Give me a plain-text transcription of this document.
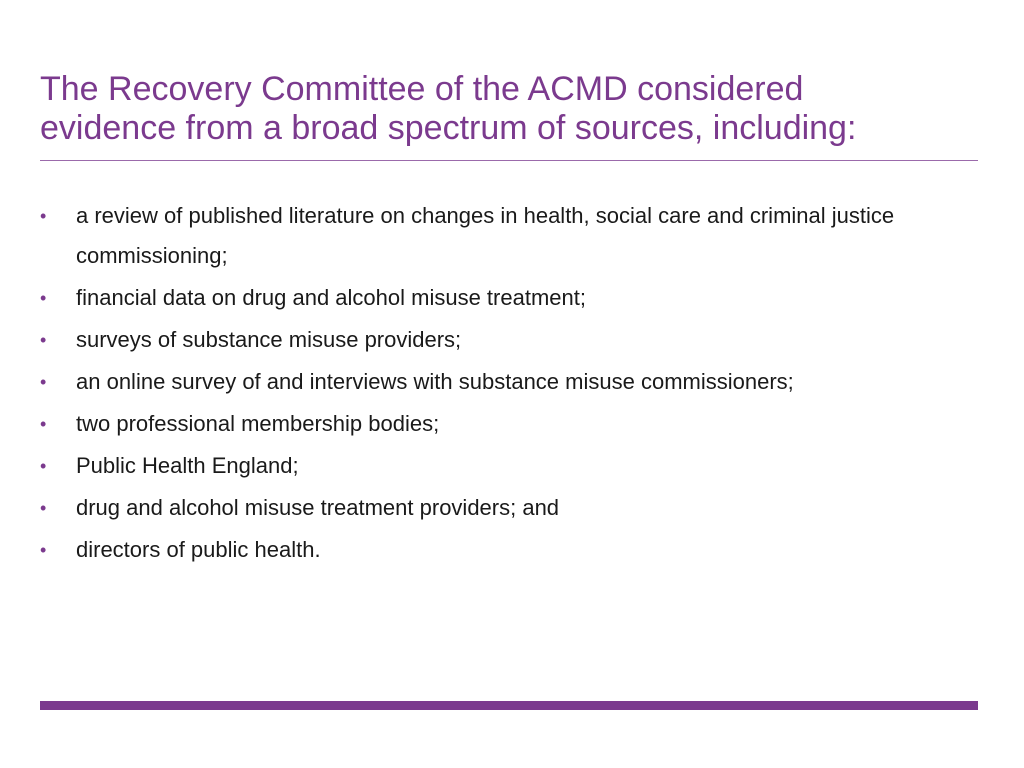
The Recovery Committee of the ACMD considered
evidence from a broad spectrum of sources, including:
• a review of published literature on changes in health, social care and criminal justice commissioning;
• financial data on drug and alcohol misuse treatment;
• surveys of substance misuse providers;
• an online survey of and interviews with substance misuse commissioners;
• two professional membership bodies;
• Public Health England;
• drug and alcohol misuse treatment providers; and
• directors of public health.
